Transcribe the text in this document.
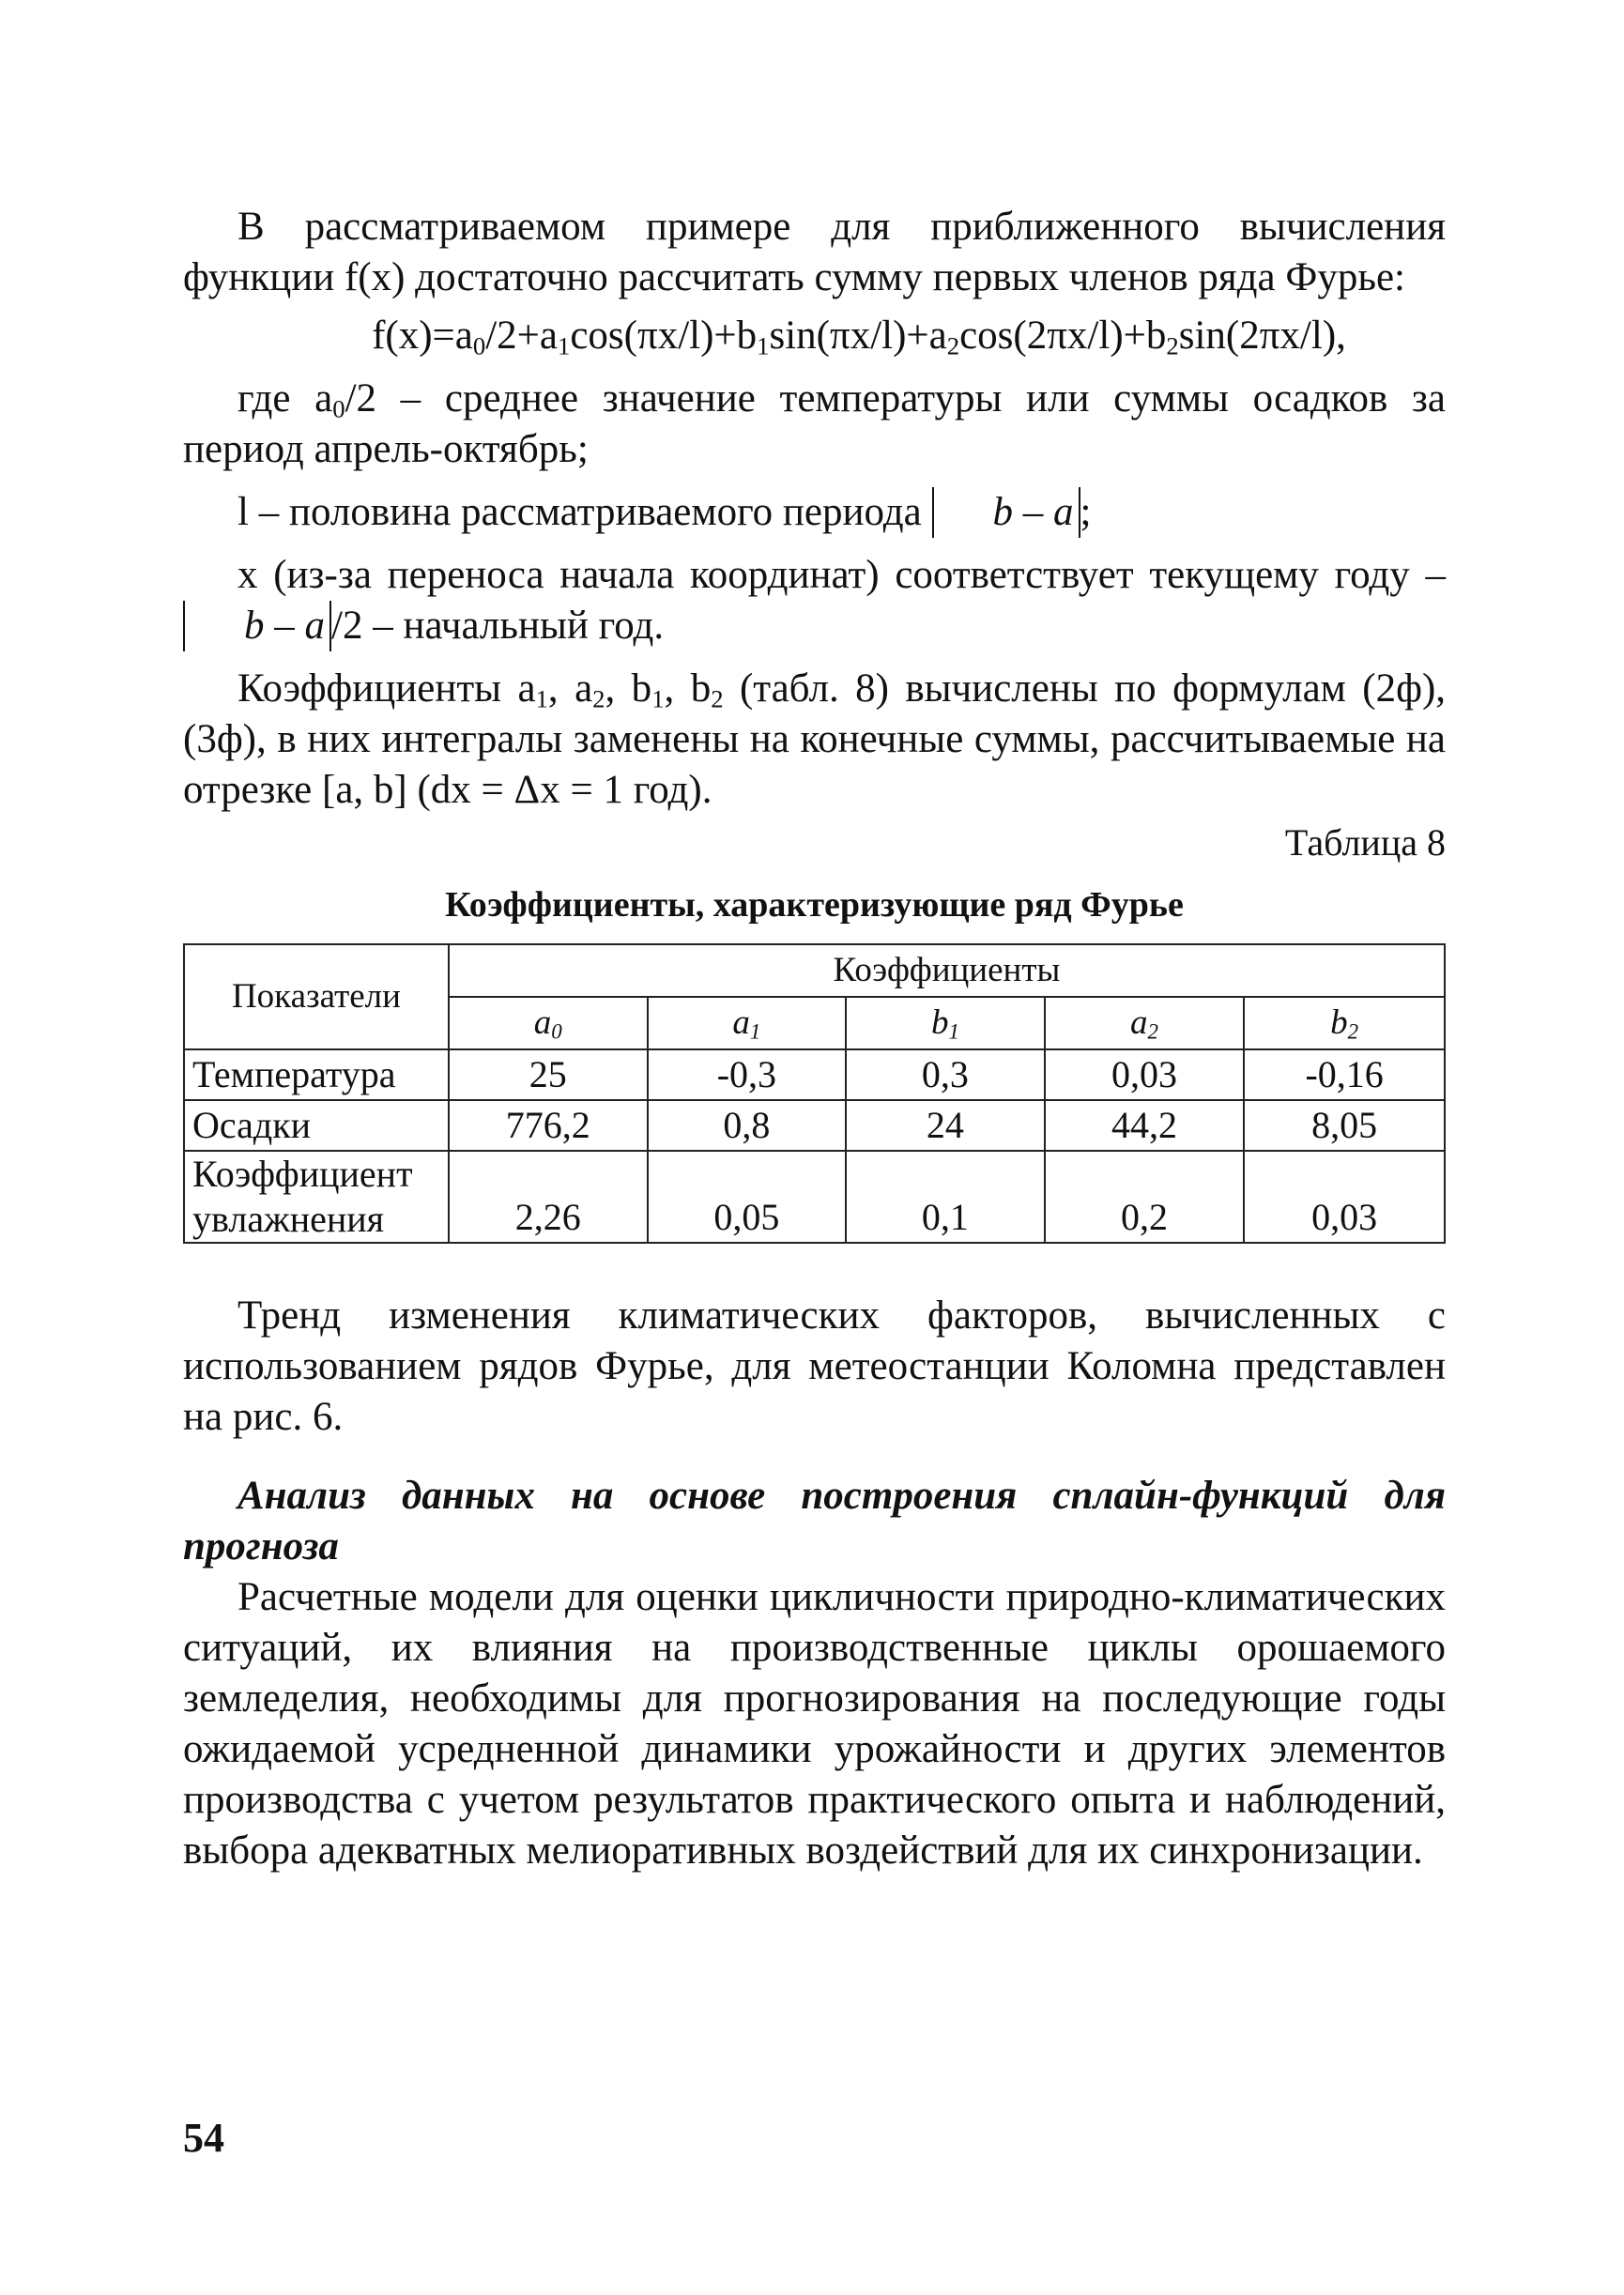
В рассматриваемом примере для приближенного вычисления функции f(x) достаточно рассчитать сумму первых членов ряда Фурье:

$f(x)=a_0/2+a_1\cos(\pi x/l)+b_1\sin(\pi x/l)+a_2\cos(2\pi x/l)+b_2\sin(2\pi x/l)$,

где $a_0/2$ – среднее значение температуры или суммы осадков за период апрель-октябрь;

l – половина рассматриваемого периода b – a ;

x (из-за переноса начала координат) соответствует текущему году – b – a /2 – начальный год.

Коэффициенты $a_1$, $a_2$, $b_1$, $b_2$ (табл. 8) вычислены по формулам (2ф), (3ф), в них интегралы заменены на конечные суммы, рассчитываемые на отрезке [a, b] (dx = Δx = 1 год).

Таблица 8
Коэффициенты, характеризующие ряд Фурье
Показатели	Коэффициенты				
	$a_0$	$a_1$	$b_1$	$a_2$	$b_2$
Температура	25	-0,3	0,3	0,03	-0,16
Осадки	776,2	0,8	24	44,2	8,05

Коэффициент
увлажнения	2,26	0,05	0,1	0,2	0,03

Тренд изменения климатических факторов, вычисленных с использованием рядов Фурье, для метеостанции Коломна представлен на рис. 6.

Анализ данных на основе построения сплайн-функций для прогноза

Расчетные модели для оценки цикличности природно-климатических ситуаций, их влияния на производственные циклы орошаемого земледелия, необходимы для прогнозирования на последующие годы ожидаемой усредненной динамики урожайности и других элементов производства с учетом результатов практического опыта и наблюдений, выбора адекватных мелиоративных воздействий для их синхронизации.

54
